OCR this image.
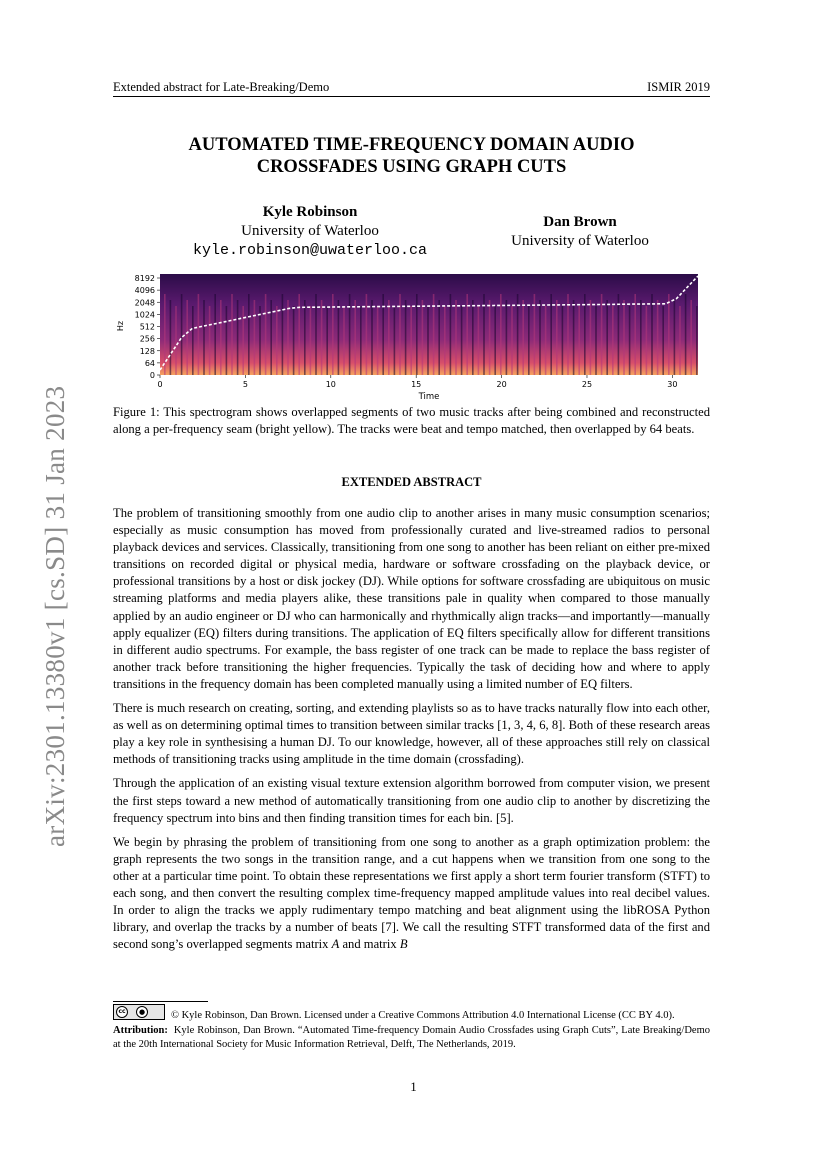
Extended abstract for Late-Breaking/Demo	ISMIR 2019
AUTOMATED TIME-FREQUENCY DOMAIN AUDIO
CROSSFADES USING GRAPH CUTS
Kyle Robinson
University of Waterloo
kyle.robinson@uwaterloo.ca
Dan Brown
University of Waterloo
arXiv:2301.13380v1 [cs.SD] 31 Jan 2023
8192
4096
2048
1024
512
256
128
64
0
0	5	10	15	20	25	30
Hz
Time
Figure 1: This spectrogram shows overlapped segments of two music tracks after being combined and reconstructed along a per-frequency seam (bright yellow). The tracks were beat and tempo matched, then overlapped by 64 beats.
EXTENDED ABSTRACT

The problem of transitioning smoothly from one audio clip to another arises in many music consumption scenarios; especially as music consumption has moved from professionally curated and live-streamed radios to personal playback devices and services. Classically, transitioning from one song to another has been reliant on either pre-mixed transitions on recorded digital or physical media, hardware or software crossfading on the playback device, or professional transitions by a host or disk jockey (DJ). While options for software crossfading are ubiquitous on music streaming platforms and media players alike, these transitions pale in quality when compared to those manually applied by an audio engineer or DJ who can harmonically and rhythmically align tracks—and importantly—manually apply equalizer (EQ) filters during transitions. The application of EQ filters specifically allow for different transitions in different audio spectrums. For example, the bass register of one track can be made to replace the bass register of another track before transitioning the higher frequencies. Typically the task of deciding how and where to apply transitions in the frequency domain has been completed manually using a limited number of EQ filters.

There is much research on creating, sorting, and extending playlists so as to have tracks naturally flow into each other, as well as on determining optimal times to transition between similar tracks [1, 3, 4, 6, 8]. Both of these research areas play a key role in synthesising a human DJ. To our knowledge, however, all of these approaches still rely on classical methods of transitioning tracks using amplitude in the time domain (crossfading).

Through the application of an existing visual texture extension algorithm borrowed from computer vision, we present the first steps toward a new method of automatically transitioning from one audio clip to another by discretizing the frequency spectrum into bins and then finding transition times for each bin. [5].

We begin by phrasing the problem of transitioning from one song to another as a graph optimization problem: the graph represents the two songs in the transition range, and a cut happens when we transition from one song to the other at a particular time point. To obtain these representations we first apply a short term fourier transform (STFT) to each song, and then convert the resulting complex time-frequency mapped amplitude values into real decibel values. In order to align the tracks we apply rudimentary tempo matching and beat alignment using the libROSA Python library, and overlap the tracks by a number of beats [7]. We call the resulting STFT transformed data of the first and second song’s overlapped segments matrix A and matrix B

cc	● © Kyle Robinson, Dan Brown. Licensed under a Creative Commons Attribution 4.0 International License (CC BY 4.0).
Attribution: Kyle Robinson, Dan Brown. “Automated Time-frequency Domain Audio Crossfades using Graph Cuts”, Late Breaking/Demo at the 20th International Society for Music Information Retrieval, Delft, The Netherlands, 2019.
1
